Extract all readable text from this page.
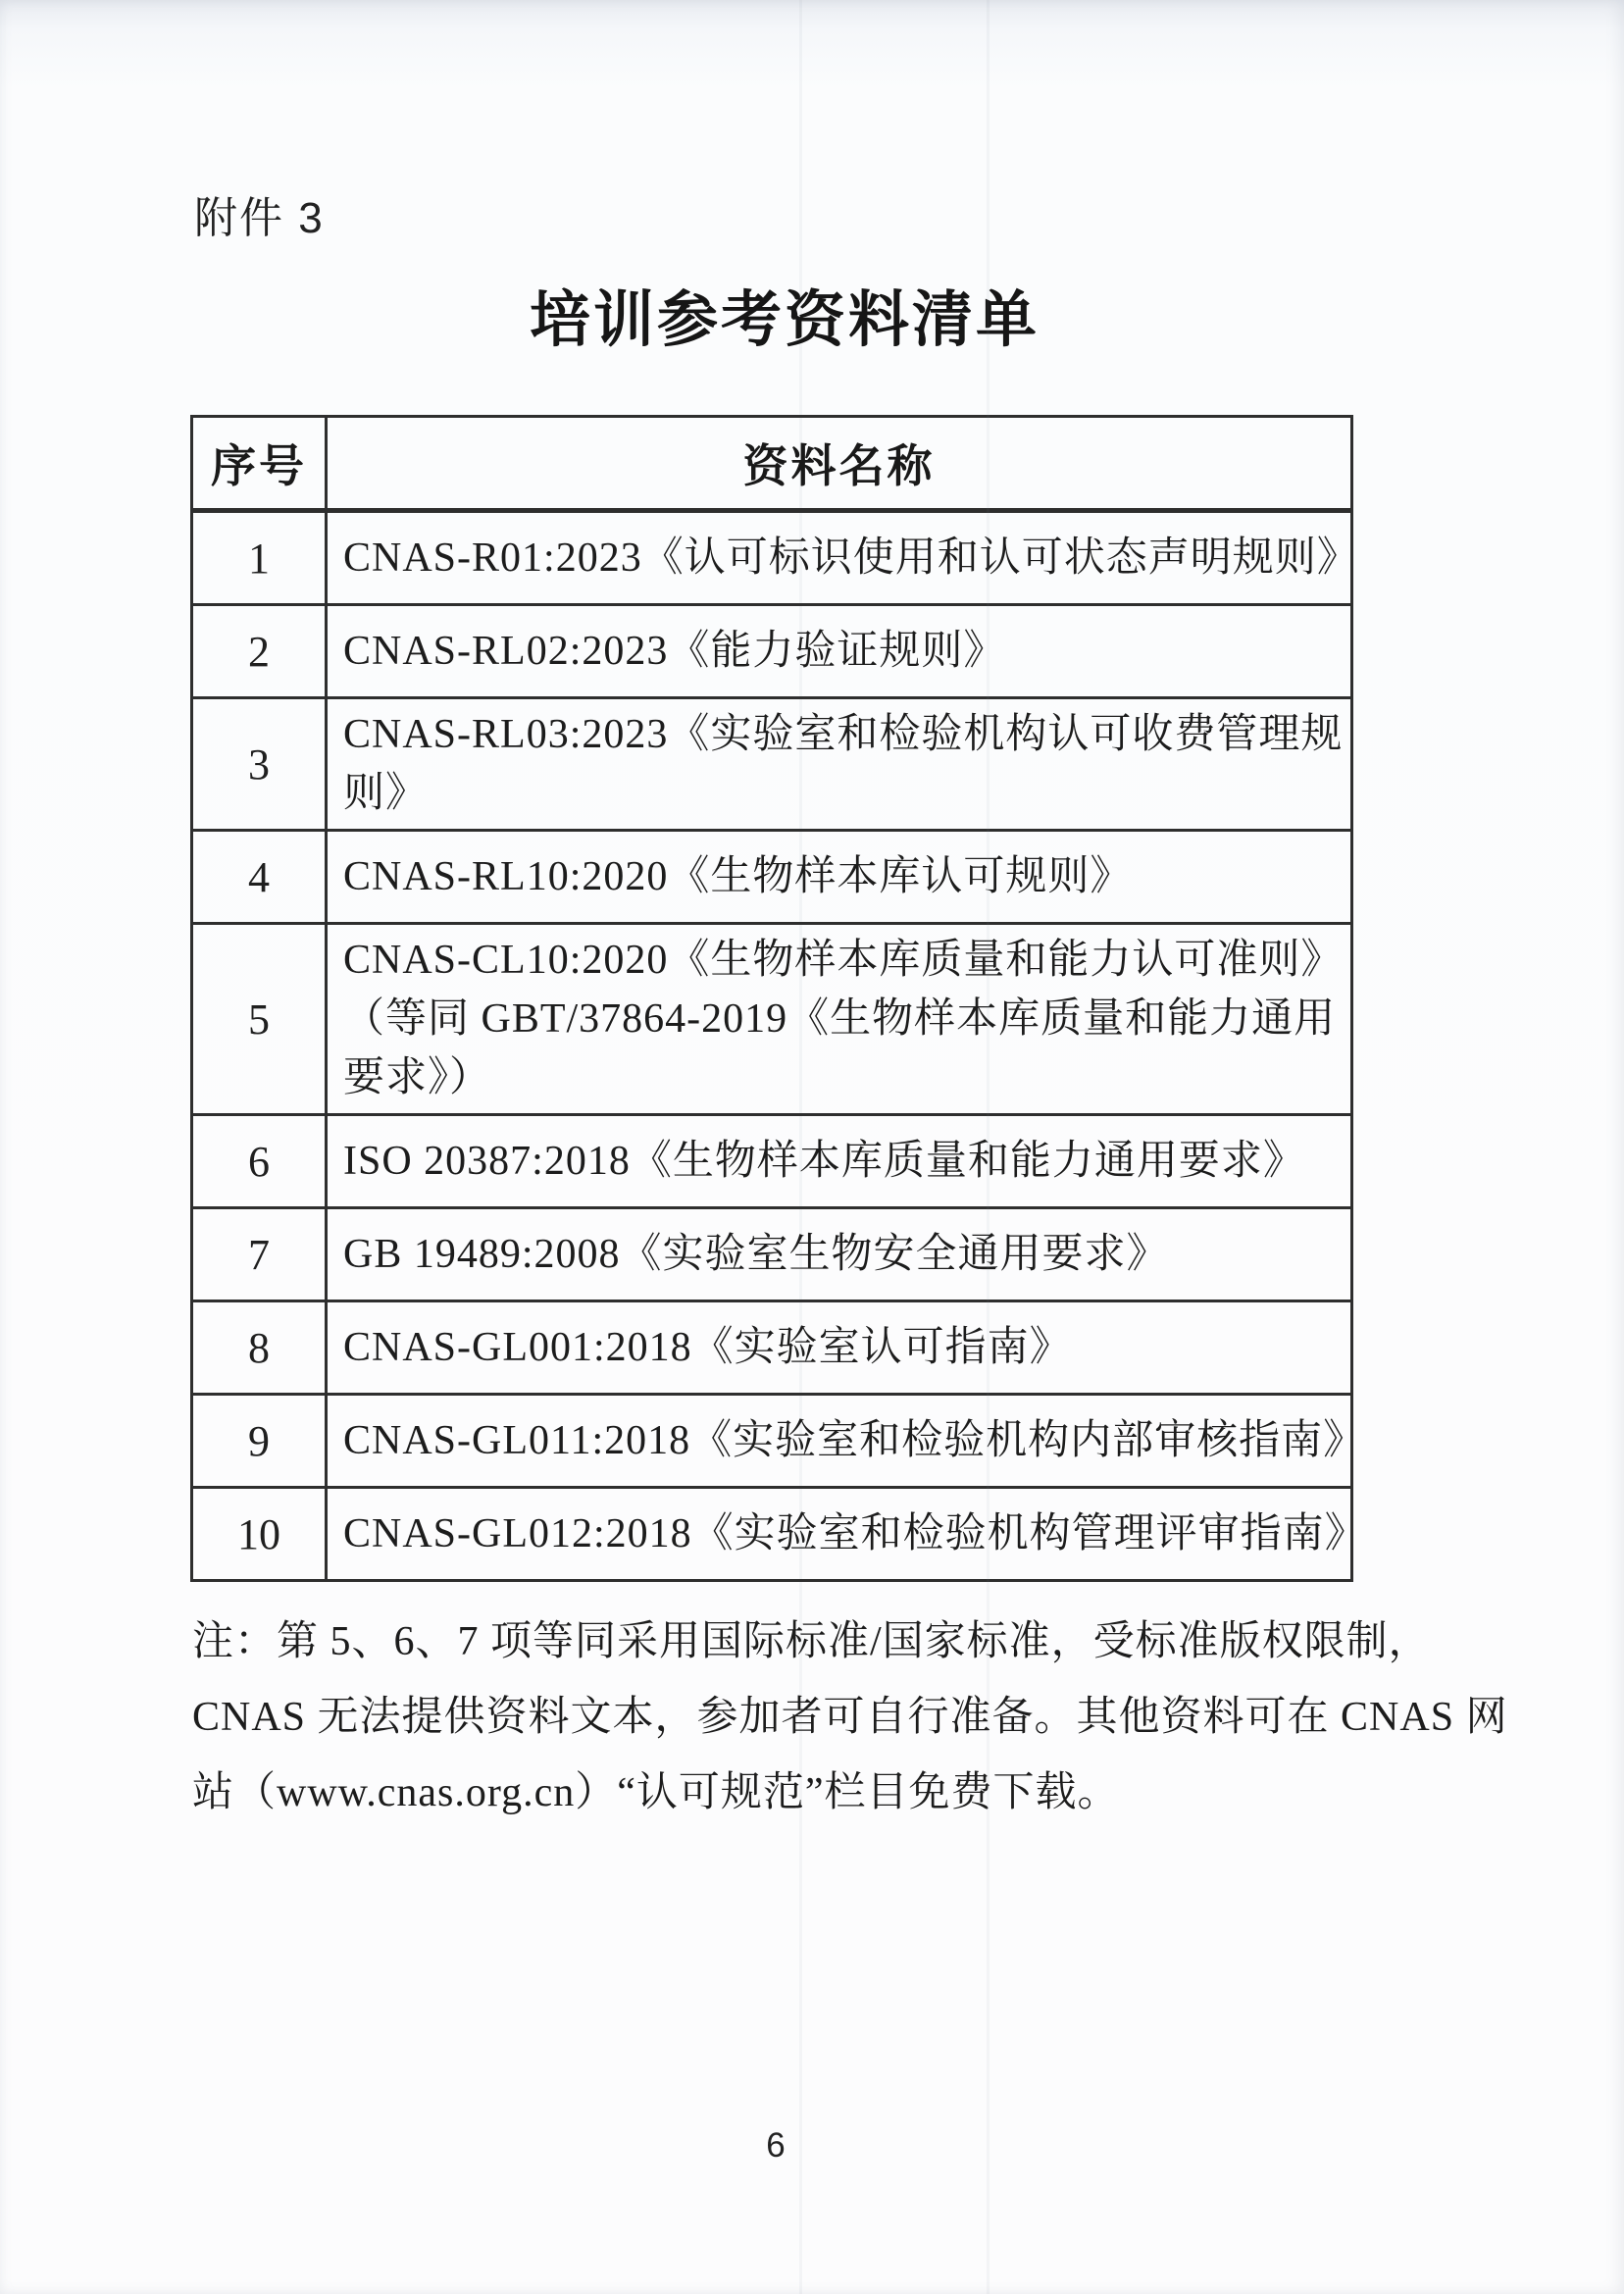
附件 3
培训参考资料清单
序号	资料名称
1	CNAS-R01:2023《认可标识使用和认可状态声明规则》

2	CNAS-RL02:2023《能力验证规则》

3	CNAS-RL03:2023《实验室和检验机构认可收费管理规
则》

4	CNAS-RL10:2020《生物样本库认可规则》

5	CNAS-CL10:2020《生物样本库质量和能力认可准则》
（等同 GBT/37864-2019《生物样本库质量和能力通用
要求》）

6	ISO 20387:2018《生物样本库质量和能力通用要求》

7	GB 19489:2008《实验室生物安全通用要求》

8	CNAS-GL001:2018《实验室认可指南》

9	CNAS-GL011:2018《实验室和检验机构内部审核指南》

10	CNAS-GL012:2018《实验室和检验机构管理评审指南》
注：第 5、6、7 项等同采用国际标准/国家标准，受标准版权限制，
CNAS 无法提供资料文本，参加者可自行准备。其他资料可在 CNAS 网
站（www.cnas.org.cn）“认可规范”栏目免费下载。
6
